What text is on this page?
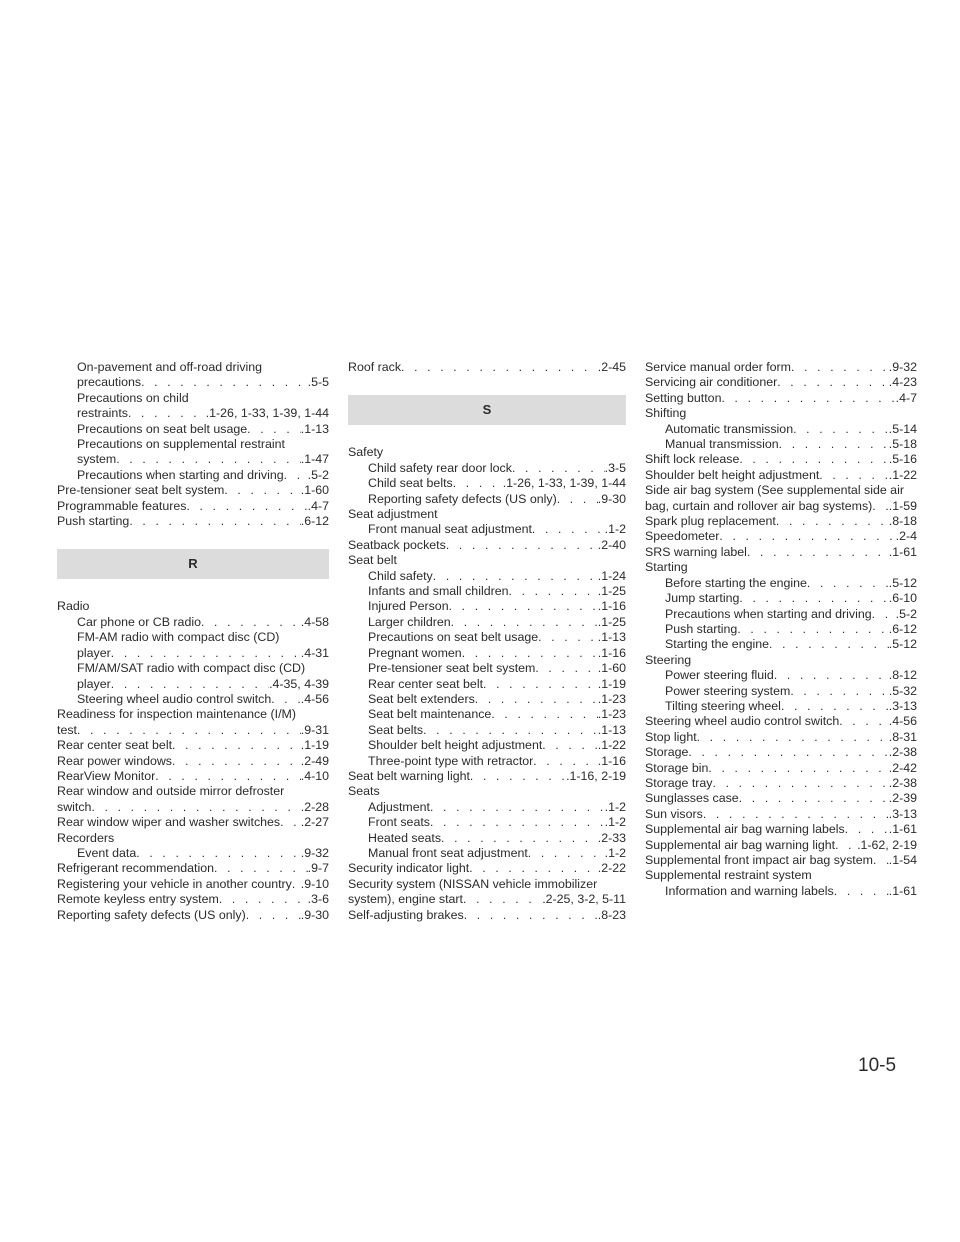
On-pavement and off-road driving
precautions . . .	.5-5
Precautions on child
restraints . . .	.1-26, 1-33, 1-39, 1-44
Precautions on seat belt usage . . .	.1-13
Precautions on supplemental restraint
system . . .	.1-47
Precautions when starting and driving . . . .5-2
Pre-tensioner seat belt system . . .	.1-60
Programmable features . . .	.4-7
Push starting . . .	.6-12
R
Radio
Car phone or CB radio . . .	.4-58
FM-AM radio with compact disc (CD)
player . . .	.4-31
FM/AM/SAT radio with compact disc (CD)
player . . .	.4-35, 4-39
Steering wheel audio control switch . . . .4-56
Readiness for inspection maintenance (I/M)
test . . .	.9-31
Rear center seat belt . . .	.1-19
Rear power windows . . .	.2-49
RearView Monitor . . .	.4-10
Rear window and outside mirror defroster
switch . . .	.2-28
Rear window wiper and washer switches . . . .2-27
Recorders
Event data . . .	.9-32
Refrigerant recommendation . . .	.9-7
Registering your vehicle in another country . . . .9-10
Remote keyless entry system . . .	.3-6
Reporting safety defects (US only) . . .	.9-30
Roof rack . . .	.2-45
S
Safety
Child safety rear door lock . . .	.3-5
Child seat belts . . .	.1-26, 1-33, 1-39, 1-44
Reporting safety defects (US only) . . .	.9-30
Seat adjustment
Front manual seat adjustment . . .	.1-2
Seatback pockets . . .	.2-40
Seat belt
Child safety . . .	.1-24
Infants and small children . . .	.1-25
Injured Person . . .	.1-16
Larger children . . .	.1-25
Precautions on seat belt usage . . .	.1-13
Pregnant women . . .	.1-16
Pre-tensioner seat belt system . . .	.1-60
Rear center seat belt . . .	.1-19
Seat belt extenders . . .	.1-23
Seat belt maintenance . . .	.1-23
Seat belts . . .	.1-13
Shoulder belt height adjustment . . .	.1-22
Three-point type with retractor . . .	.1-16
Seat belt warning light . . .	.1-16, 2-19
Seats
Adjustment . . .	.1-2
Front seats . . .	.1-2
Heated seats . . .	.2-33
Manual front seat adjustment . . .	.1-2
Security indicator light . . .	.2-22
Security system (NISSAN vehicle immobilizer
system), engine start . . .	.2-25, 3-2, 5-11
Self-adjusting brakes . . .	.8-23
Service manual order form . . .	.9-32
Servicing air conditioner . . .	.4-23
Setting button . . .	.4-7
Shifting
Automatic transmission . . .	.5-14
Manual transmission . . .	.5-18
Shift lock release . . .	.5-16
Shoulder belt height adjustment . . .	.1-22
Side air bag system (See supplemental side air
bag, curtain and rollover air bag systems) . . . .1-59
Spark plug replacement . . .	.8-18
Speedometer . . .	.2-4
SRS warning label . . .	.1-61
Starting
Before starting the engine . . .	.5-12
Jump starting . . .	.6-10
Precautions when starting and driving . . . .5-2
Push starting . . .	.6-12
Starting the engine . . .	.5-12
Steering
Power steering fluid . . .	.8-12
Power steering system . . .	.5-32
Tilting steering wheel . . .	.3-13
Steering wheel audio control switch . . .	.4-56
Stop light . . .	.8-31
Storage . . .	.2-38
Storage bin . . .	.2-42
Storage tray . . .	.2-38
Sunglasses case . . .	.2-39
Sun visors . . .	.3-13
Supplemental air bag warning labels . . .	.1-61
Supplemental air bag warning light . . . .1-62, 2-19
Supplemental front impact air bag system . . . .1-54
Supplemental restraint system
Information and warning labels . . .	.1-61
10-5
